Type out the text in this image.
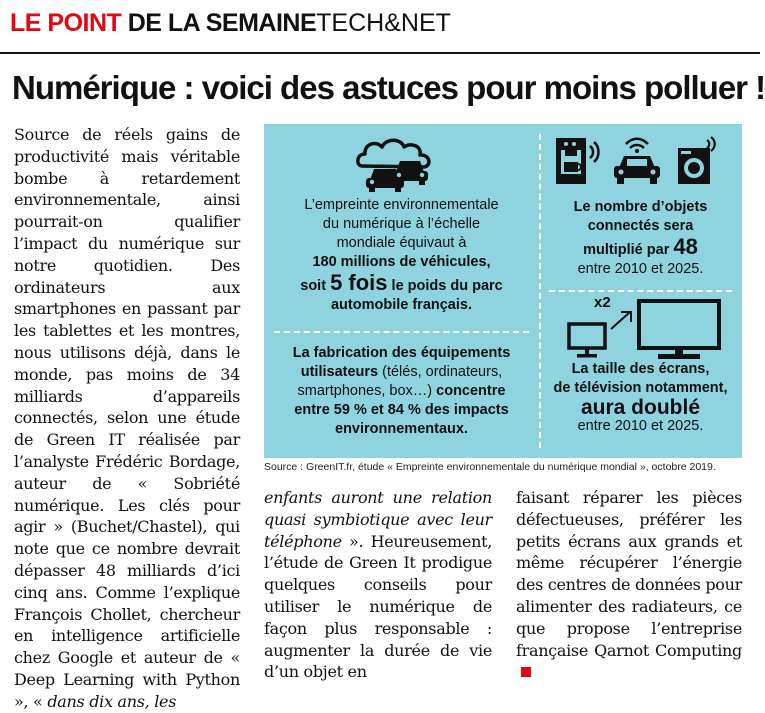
LE POINT DE LA SEMAINETECH&NET
Numérique : voici des astuces pour moins polluer !

Source de réels gains de productivité mais véritable bombe à retardement environnementale, ainsi pourrait-on qualifier l’impact du numérique sur notre quotidien. Des ordinateurs aux smartphones en passant par les tablettes et les montres, nous utilisons déjà, dans le monde, pas moins de 34 milliards d’appareils connectés, selon une étude de Green IT réalisée par l’analyste Frédéric Bordage, auteur de « Sobriété numérique. Les clés pour agir » (Buchet/Chastel), qui note que ce nombre devrait dépasser 48 milliards d’ici cinq ans. Comme l’explique François Chollet, chercheur en intelligence artificielle chez Google et auteur de « Deep Learning with Python », « dans dix ans, les

x2
L’empreinte environnementale
du numérique à l’échelle
mondiale équivaut à
180 millions de véhicules,
soit 5 fois le poids du parc
automobile français.
La fabrication des équipements
utilisateurs (télés, ordinateurs,
smartphones, box…) concentre
entre 59 % et 84 % des impacts
environnementaux.
Le nombre d’objets
connectés sera
multiplié par 48
entre 2010 et 2025.
La taille des écrans,
de télévision notamment,
aura doublé
entre 2010 et 2025.
Source : GreenIT.fr, étude « Empreinte environnementale du numérique mondial », octobre 2019.

enfants auront une relation quasi symbiotique avec leur téléphone ». Heureusement, l’étude de Green It prodigue quelques conseils pour utiliser le numérique de façon plus responsable : augmenter la durée de vie d’un objet en

faisant réparer les pièces défectueuses, préférer les petits écrans aux grands et même récupérer l’énergie des centres de données pour alimenter des radiateurs, ce que propose l’entreprise française Qarnot Computing
